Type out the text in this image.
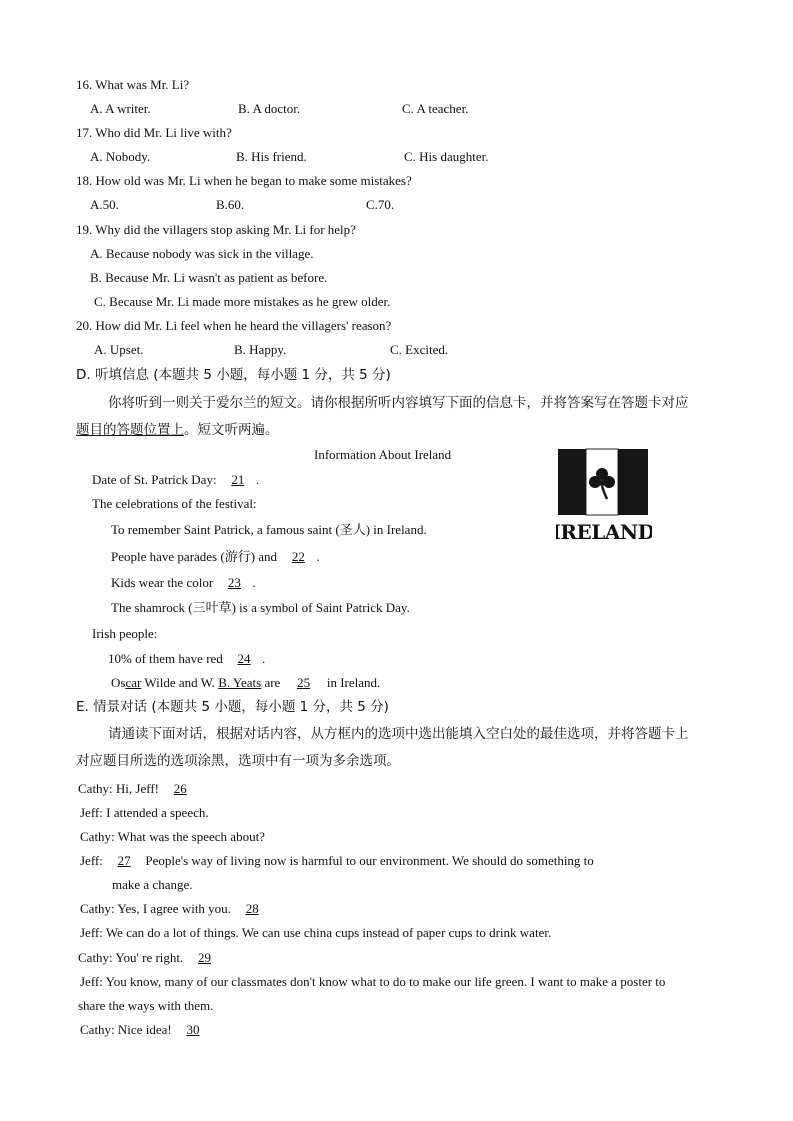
16. What was Mr. Li?
A. A writer.	B. A doctor.	C. A teacher.
17. Who did Mr. Li live with?
A. Nobody.	B. His friend.	C. His daughter.
18. How old was Mr. Li when he began to make some mistakes?
A.50.	B.60.	C.70.
19. Why did the villagers stop asking Mr. Li for help?
A. Because nobody was sick in the village.
B. Because Mr. Li wasn't as patient as before.
C. Because Mr. Li made more mistakes as he grew older.
20. How did Mr. Li feel when he heard the villagers' reason?
A. Upset.	B. Happy.	C. Excited.
D. 听填信息 (本题共 5 小题，每小题 1 分，共 5 分)
你将听到一则关于爱尔兰的短文。请你根据所听内容填写下面的信息卡，并将答案写在答题卡对应
题目的答题位置上。短文听两遍。
Information About Ireland
IRELAND
Date of St. Patrick Day: 21 .
The celebrations of the festival:
To remember Saint Patrick, a famous saint (圣人) in Ireland.
People have parades (游行) and 22 .
Kids wear the color 23 .
The shamrock (三叶草) is a symbol of Saint Patrick Day.
Irish people:
10% of them have red 24 .
Oscar Wilde and W. B. Yeats are 25 in Ireland.
E. 情景对话 (本题共 5 小题，每小题 1 分，共 5 分)
请通读下面对话，根据对话内容，从方框内的选项中选出能填入空白处的最佳选项，并将答题卡上
对应题目所选的选项涂黑，选项中有一项为多余选项。
Cathy: Hi, Jeff! 26
Jeff: I attended a speech.
Cathy: What was the speech about?
Jeff: 27 People's way of living now is harmful to our environment. We should do something to
make a change.
Cathy: Yes, I agree with you. 28
Jeff: We can do a lot of things. We can use china cups instead of paper cups to drink water.
Cathy: You' re right. 29
Jeff: You know, many of our classmates don't know what to do to make our life green. I want to make a poster to
share the ways with them.
Cathy: Nice idea! 30
